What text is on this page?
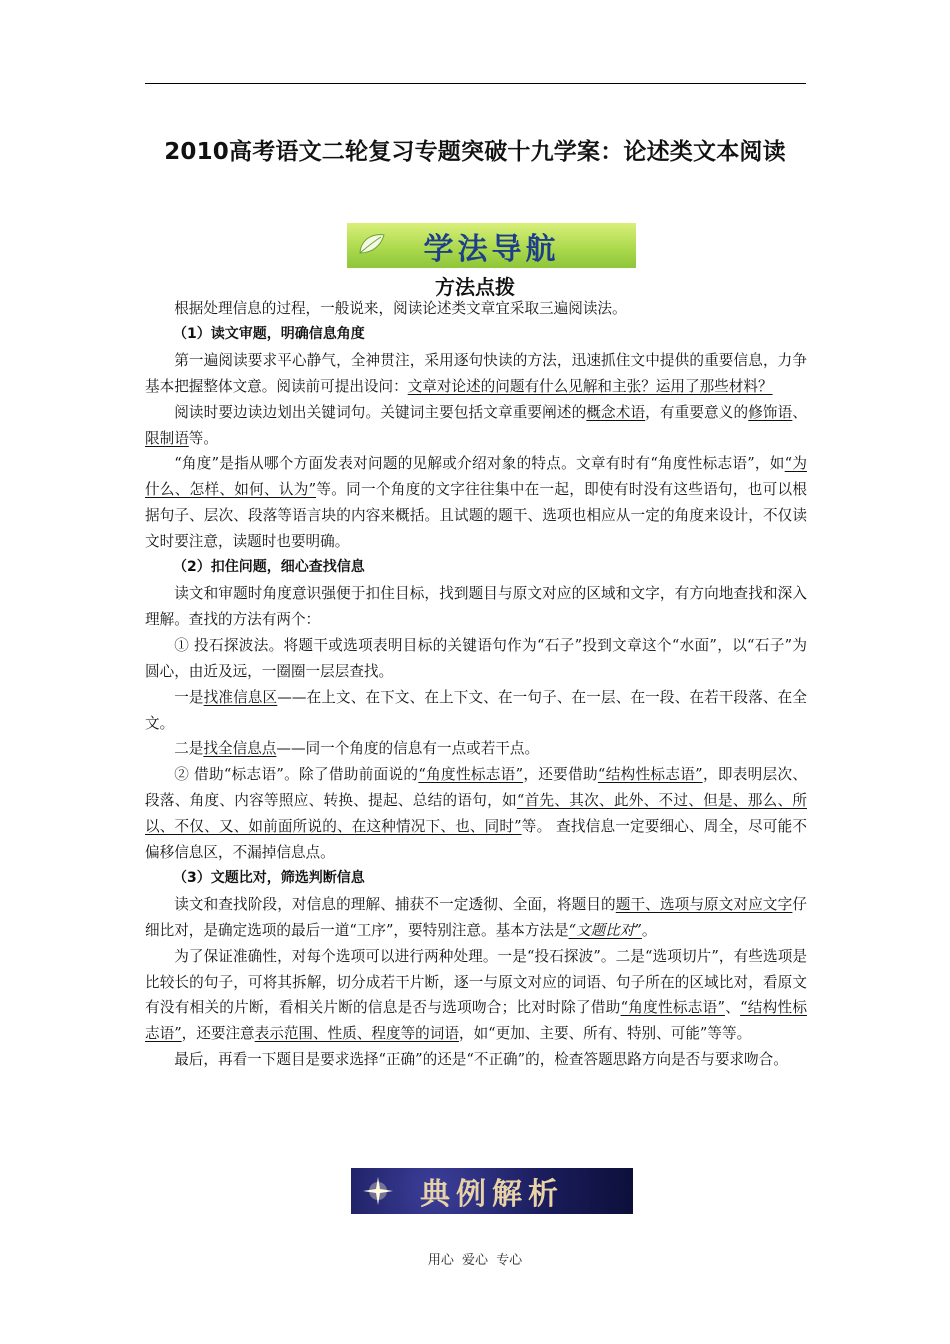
2010高考语文二轮复习专题突破十九学案：论述类文本阅读
学法导航
方法点拨

根据处理信息的过程，一般说来，阅读论述类文章宜采取三遍阅读法。

（1）读文审题，明确信息角度

第一遍阅读要求平心静气，全神贯注，采用逐句快读的方法，迅速抓住文中提供的重要信息，力争基本把握整体文意。阅读前可提出设问：文章对论述的问题有什么见解和主张？运用了那些材料？

阅读时要边读边划出关键词句。关键词主要包括文章重要阐述的概念术语，有重要意义的修饰语、限制语等。

“角度”是指从哪个方面发表对问题的见解或介绍对象的特点。文章有时有“角度性标志语”，如“为什么、怎样、如何、认为”等。同一个角度的文字往往集中在一起，即使有时没有这些语句，也可以根据句子、层次、段落等语言块的内容来概括。且试题的题干、选项也相应从一定的角度来设计，不仅读文时要注意，读题时也要明确。

（2）扣住问题，细心查找信息

读文和审题时角度意识强便于扣住目标，找到题目与原文对应的区域和文字，有方向地查找和深入理解。查找的方法有两个：

① 投石探波法。将题干或选项表明目标的关键语句作为“石子”投到文章这个“水面”，以“石子”为圆心，由近及远，一圈圈一层层查找。

一是找准信息区——在上文、在下文、在上下文、在一句子、在一层、在一段、在若干段落、在全文。

二是找全信息点——同一个角度的信息有一点或若干点。

② 借助“标志语”。除了借助前面说的“角度性标志语”，还要借助“结构性标志语”，即表明层次、段落、角度、内容等照应、转换、提起、总结的语句，如“首先、其次、此外、不过、但是、那么、所以、不仅、又、如前面所说的、在这种情况下、也、同时”等。 查找信息一定要细心、周全，尽可能不偏移信息区，不漏掉信息点。

（3）文题比对，筛选判断信息

读文和查找阶段，对信息的理解、捕获不一定透彻、全面，将题目的题干、选项与原文对应文字仔细比对，是确定选项的最后一道“工序”，要特别注意。基本方法是“文题比对”。

为了保证准确性，对每个选项可以进行两种处理。一是“投石探波”。二是“选项切片”，有些选项是比较长的句子，可将其拆解，切分成若干片断，逐一与原文对应的词语、句子所在的区域比对，看原文有没有相关的片断，看相关片断的信息是否与选项吻合；比对时除了借助“角度性标志语”、“结构性标志语”，还要注意表示范围、性质、程度等的词语，如“更加、主要、所有、特别、可能”等等。

最后，再看一下题目是要求选择“正确”的还是“不正确”的，检查答题思路方向是否与要求吻合。

典例解析
用心 爱心 专心
